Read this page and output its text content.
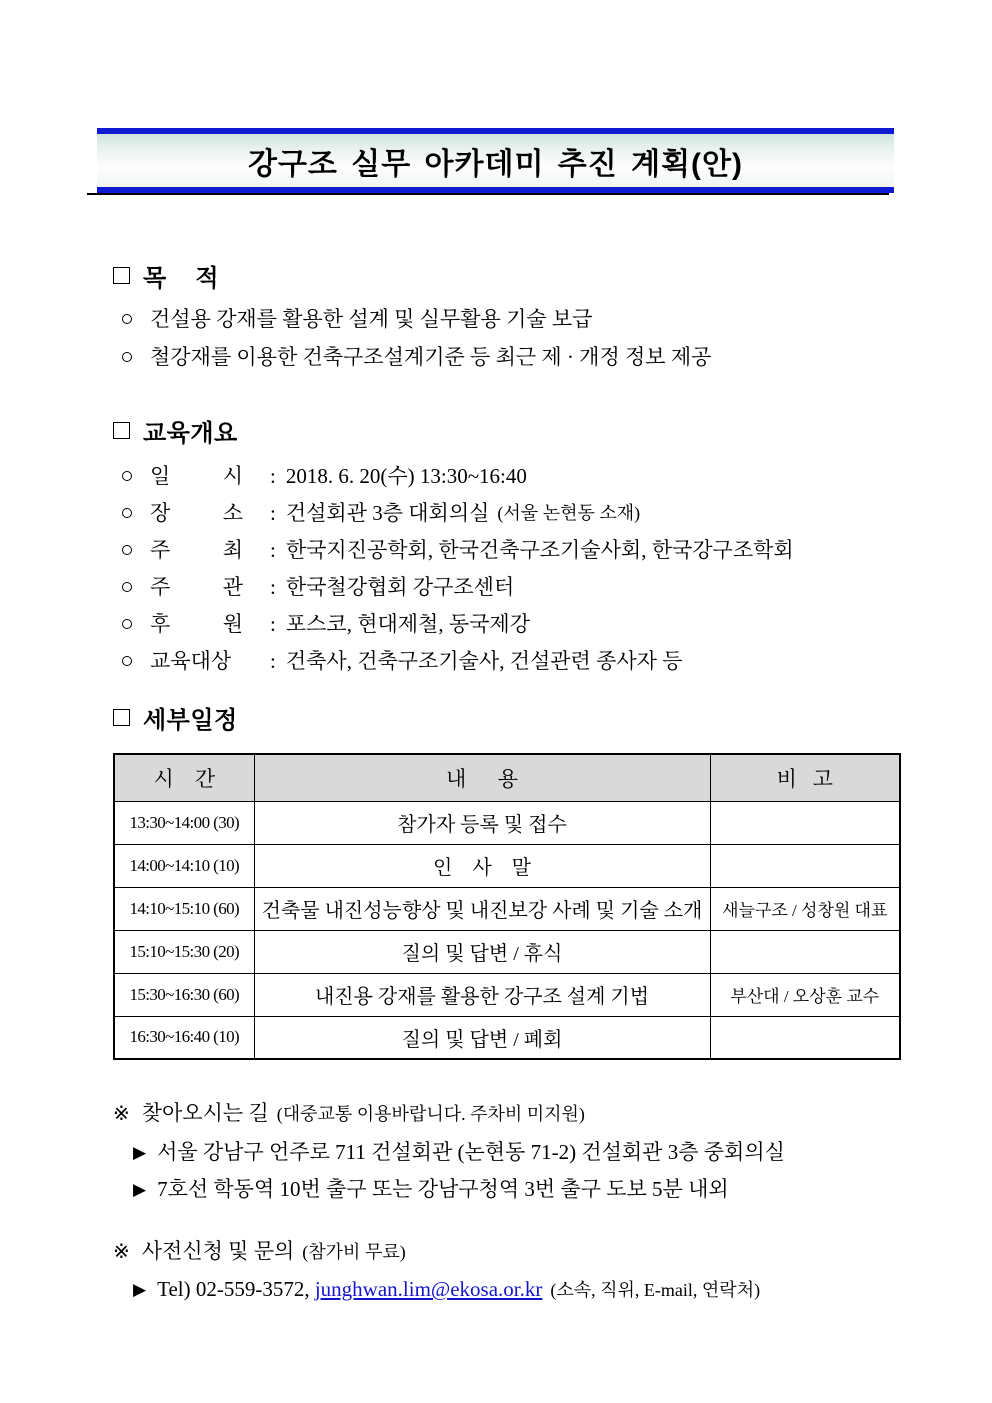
강구조 실무 아카데미 추진 계획(안)
목    적
건설용 강재를 활용한 설계 및 실무활용 기술 보급
철강재를 이용한 건축구조설계기준 등 최근 제 · 개정 정보 제공
교육개요
일          시	: 2018. 6. 20(수) 13:30~16:40
장          소	: 건설회관 3층 대회의실 (서울 논현동 소재)
주          최	: 한국지진공학회, 한국건축구조기술사회, 한국강구조학회
주          관	: 한국철강협회 강구조센터
후          원	: 포스코, 현대제철, 동국제강
교육대상	: 건축사, 건축구조기술사, 건설관련 종사자 등
세부일정
시    간	내      용	비   고
13:30~14:00 (30)	참가자 등록 및 접수	
14:00~14:10 (10)	인    사    말	
14:10~15:10 (60)	건축물 내진성능향상 및 내진보강 사례 및 기술 소개	새늘구조 / 성창원 대표
15:10~15:30 (20)	질의 및 답변 / 휴식	
15:30~16:30 (60)	내진용 강재를 활용한 강구조 설계 기법	부산대 / 오상훈 교수
16:30~16:40 (10)	질의 및 답변 / 폐회	
※ 찾아오시는 길 (대중교통 이용바랍니다. 주차비 미지원)
▶ 서울 강남구 언주로 711 건설회관 (논현동 71-2) 건설회관 3층 중회의실
▶ 7호선 학동역 10번 출구 또는 강남구청역 3번 출구 도보 5분 내외
※ 사전신청 및 문의 (참가비 무료)
▶ Tel) 02-559-3572,
junghwan.lim@ekosa.or.kr (소속, 직위, E-mail, 연락처)
